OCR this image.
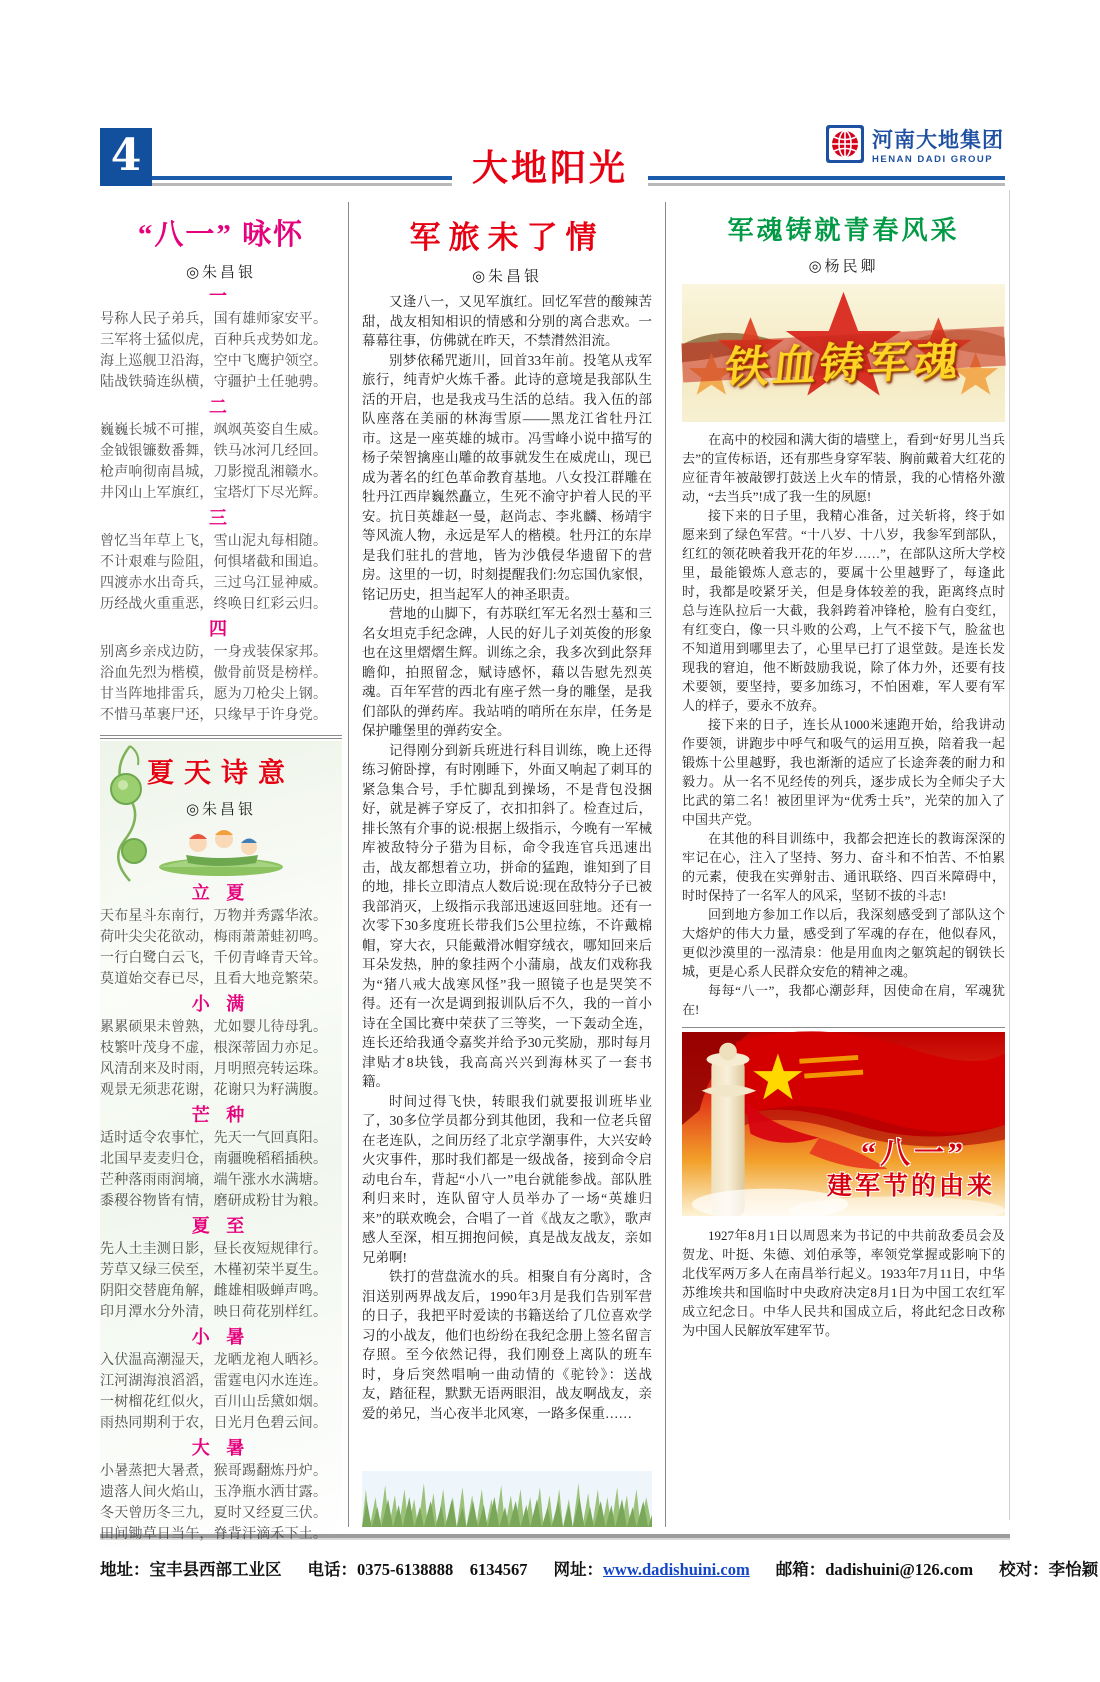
4	大地阳光
河南大地集团
HENAN DADI GROUP
“八一” 咏怀
◎朱昌银
一
号称人民子弟兵，国有雄师家安平。
三军将士猛似虎，百种兵戎势如龙。
海上巡舰卫沿海，空中飞鹰护领空。
陆战铁骑连纵横，守疆护土任驰骋。
二
巍巍长城不可摧，飒飒英姿自生威。
金钺银镰数番舞，铁马冰河几经回。
枪声响彻南昌城，刀影搅乱湘赣水。
井冈山上军旗红，宝塔灯下尽光辉。
三
曾忆当年草上飞，雪山泥丸每相随。
不计艰难与险阻，何惧堵截和围追。
四渡赤水出奇兵，三过乌江显神威。
历经战火重重恶，终唤日红彩云归。
四
别离乡亲戍边防，一身戎装保家邦。
浴血先烈为楷模，傲骨前贤是榜样。
甘当阵地排雷兵，愿为刀枪尖上钢。
不惜马革裹尸还，只缘早于许身党。
夏天诗意
◎朱昌银
立 夏
天布星斗东南行，万物并秀露华浓。
荷叶尖尖花欲动，梅雨萧萧蛙初鸣。
一行白鹭白云飞，千仞青峰青天耸。
莫道始交春已尽，且看大地竞繁荣。
小 满
累累硕果未曾熟，尤如婴儿待母乳。
枝繁叶茂身不虚，根深蒂固力亦足。
风清刮来及时雨，月明照亮转运珠。
观景无须悲花谢，花谢只为籽满腹。
芒 种
适时适令农事忙，先天一气回真阳。
北国早麦麦归仓，南疆晚稻稻插秧。
芒种落雨雨润墒，端午涨水水满塘。
黍稷谷物皆有情，磨研成粉甘为粮。
夏 至
先人土圭测日影，昼长夜短规律行。
芳草又绿三侯至，木槿初荣半夏生。
阴阳交替鹿角解，雌雄相吸蝉声鸣。
印月潭水分外清，映日荷花别样红。
小 暑
入伏温高潮湿天，龙晒龙袍人晒衫。
江河湖海浪滔滔，雷霆电闪水连连。
一树榴花红似火，百川山岳黛如烟。
雨热同期利于农，日光月色碧云间。
大 暑
小暑蒸把大暑煮，猴哥踢翻炼丹炉。
遗落人间火焰山，玉净瓶水洒甘露。
冬天曾历冬三九，夏时又经夏三伏。
田间锄草日当午，脊背汗滴禾下土。
军旅未了情
◎朱昌银

又逢八一，又见军旗红。回忆军营的酸辣苦甜，战友相知相识的情感和分别的离合悲欢。一幕幕往事，仿佛就在昨天，不禁潸然泪流。

别梦依稀咒逝川，回首33年前。投笔从戎军旅行，纯青炉火炼千番。此诗的意境是我部队生活的开启，也是我戎马生活的总结。我入伍的部队座落在美丽的林海雪原——黑龙江省牡丹江市。这是一座英雄的城市。冯雪峰小说中描写的杨子荣智擒座山雕的故事就发生在威虎山，现已成为著名的红色革命教育基地。八女投江群雕在牡丹江西岸巍然矗立，生死不渝守护着人民的平安。抗日英雄赵一曼，赵尚志、李兆麟、杨靖宇等风流人物，永远是军人的楷模。牡丹江的东岸是我们驻扎的营地，皆为沙俄侵华遗留下的营房。这里的一切，时刻提醒我们:勿忘国仇家恨，铭记历史，担当起军人的神圣职责。

营地的山脚下，有苏联红军无名烈士墓和三名女坦克手纪念碑，人民的好儿子刘英俊的形象也在这里熠熠生辉。训练之余，我多次到此祭拜瞻仰，拍照留念，赋诗感怀，藉以告慰先烈英魂。百年军营的西北有座孑然一身的雕堡，是我们部队的弹药库。我站哨的哨所在东岸，任务是保护雕堡里的弹药安全。

记得刚分到新兵班进行科目训练，晚上还得练习俯卧撑，有时刚睡下，外面又响起了刺耳的紧急集合号，手忙脚乱到操场，不是背包没捆好，就是裤子穿反了，衣扣扣斜了。检查过后，排长煞有介事的说:根据上级指示，今晚有一军械库被敌特分子猎为目标，命令我连官兵迅速出击，战友都想着立功，拼命的猛跑，谁知到了目的地，排长立即清点人数后说:现在敌特分子已被我部消灭，上级指示我部迅速返回驻地。还有一次零下30多度班长带我们5公里拉练，不许戴棉帽，穿大衣，只能戴滑冰帽穿绒衣，哪知回来后耳朵发热，肿的象挂两个小蒲扇，战友们戏称我为“猪八戒大战寒风怪”我一照镜子也是哭笑不得。还有一次是调到报训队后不久，我的一首小诗在全国比赛中荣获了三等奖，一下轰动全连，连长还给我通令嘉奖并给予30元奖励，那时每月津贴才8块钱，我高高兴兴到海林买了一套书籍。

时间过得飞快，转眼我们就要报训班毕业了，30多位学员都分到其他团，我和一位老兵留在老连队，之间历经了北京学潮事件，大兴安岭火灾事件，那时我们都是一级战备，接到命令启动电台车，背起“小八一”电台就能参战。部队胜利归来时，连队留守人员举办了一场“英雄归来”的联欢晚会，合唱了一首《战友之歌》，歌声感人至深，相互拥抱问候，真是战友战友，亲如兄弟啊!

铁打的营盘流水的兵。相聚自有分离时，含泪送别两界战友后，1990年3月是我们告别军营的日子，我把平时爱读的书籍送给了几位喜欢学习的小战友，他们也纷纷在我纪念册上签名留言存照。至今依然记得，我们刚登上离队的班车时，身后突然唱响一曲动情的《驼铃》：送战友，踏征程，默默无语两眼泪，战友啊战友，亲爱的弟兄，当心夜半北风寒，一路多保重……

军魂铸就青春风采
◎杨民卿
铁血铸军魂

在高中的校园和满大街的墙壁上，看到“好男儿当兵去”的宣传标语，还有那些身穿军装、胸前戴着大红花的应征青年被敲锣打鼓送上火车的情景，我的心情格外激动，“去当兵”!成了我一生的夙愿!

接下来的日子里，我精心准备，过关斩将，终于如愿来到了绿色军营。“十八岁、十八岁，我参军到部队，红红的领花映着我开花的年岁……”，在部队这所大学校里，最能锻炼人意志的，要属十公里越野了，每逢此时，我都是咬紧牙关，但是身体较差的我，距离终点时总与连队拉后一大截，我斜跨着冲锋枪，脸有白变红，有红变白，像一只斗败的公鸡，上气不接下气，脸盆也不知道用到哪里去了，心里早已打了退堂鼓。是连长发现我的窘迫，他不断鼓励我说，除了体力外，还要有技术要领，要坚持，要多加练习，不怕困难，军人要有军人的样子，要永不放弃。

接下来的日子，连长从1000米速跑开始，给我讲动作要领，讲跑步中呼气和吸气的运用互换，陪着我一起锻炼十公里越野，我也渐渐的适应了长途奔袭的耐力和毅力。从一名不见经传的列兵，逐步成长为全师尖子大比武的第二名！被团里评为“优秀士兵”，光荣的加入了中国共产党。

在其他的科目训练中，我都会把连长的教诲深深的牢记在心，注入了坚持、努力、奋斗和不怕苦、不怕累的元素，使我在实弹射击、通讯联络、四百米障碍中，时时保持了一名军人的风采，坚韧不拔的斗志!

回到地方参加工作以后，我深刻感受到了部队这个大熔炉的伟大力量，感受到了军魂的存在，他似春风，更似沙漠里的一泓清泉：他是用血肉之躯筑起的钢铁长城，更是心系人民群众安危的精神之魂。

每每“八一”，我都心潮彭拜，因使命在肩，军魂犹在!

“八一”
建军节的由来

1927年8月1日以周恩来为书记的中共前敌委员会及贺龙、叶挺、朱德、刘伯承等，率领党掌握或影响下的北伐军两万多人在南昌举行起义。1933年7月11日，中华苏维埃共和国临时中央政府决定8月1日为中国工农红军成立纪念日。中华人民共和国成立后，将此纪念日改称为中国人民解放军建军节。

地址：宝丰县西部工业区 电话：0375-6138888　6134567 网址：www.dadishuini.com 邮箱：dadishuini@126.com 校对：李怡颖
